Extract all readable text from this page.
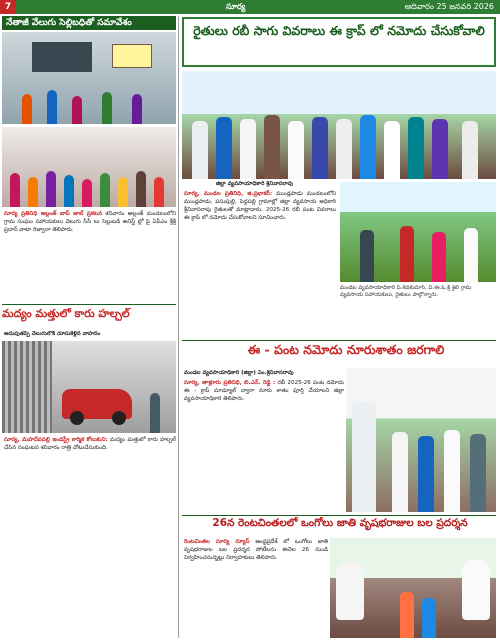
7	సూర్య	ఆదివారం 25 జనవరి 2026
నేతాజీ వేలుగు సెల్లిబధితో సమావేశం
సూర్య ప్రతినిధి అల్లంత్ బాప్ జాబ్ ప్రకటన శనివారం అల్లంత్ మండలంలోని గ్రామ సంఘం సహాయకులు వెలుగు సీసీ లు సెల్లుబడి అనిస్ట్ ల్లో పై ఏపీఎం శ్రీశ్రీ ప్రదాన్ వాటా రిజ్వానా తెలిపారు.
మద్యం మత్తులో కారు హల్చల్
అదుపుతప్పి వెలుగులోకి దూసుకెళ్లిన వాహనం
సూర్య, మహదేవపల్లి ఇండస్ట్రీ కార్మిక కోలుకుని: మద్యం మత్తులో కారు హల్చల్ చేసిన సంఘటన శనివారం రాత్రి చోటుచేసుకుంది.
రైతులు రబీ సాగు వివరాలు ఈ క్రాప్ లో నమోదు చేసుకోవాలి
జిల్లా వ్యవసాయాధికారి శ్రీనివాసరావు
సూర్య, మండల ప్రతినిధి, జి.ప్రభాకర్‌: ముండ్లపాడు మండలంలోని ముండ్లపాడు, పసుపుల్లి, పెద్దపల్లి గ్రామాల్లో జిల్లా వ్యవసాయ అధికారి శ్రీనివాసరావు రైతులతో మాట్లాడారు. 2025-26 రబీ పంట వివరాలు ఈ క్రాప్ లో నమోదు చేసుకోవాలని సూచించారు.
మండల వ్యవసాయాధికారి పి.శివకుమార్, వి.ఈ.ఓ.శ్రీ శైల్ గ్రామ వ్యవసాయ సహాయకులు, రైతులు పాల్గొన్నారు.
ఈ - పంట నమోదు నూరుశాతం జరగాలి
మండల వ్యవసాయాధికారి (జిల్లా) ఏం.శ్రీనివాసరావు
సూర్య, తాళ్లూరు ప్రతినిధి, బి.ఎన్. రెడ్డి : రబీ 2025-26 పంట నమోదు ఈ - క్రాప్ మాడ్యూల్ ద్వారా నూరు శాతం పూర్తి చేయాలని జిల్లా వ్యవసాయాధికారి తెలిపారు.
26న రెంటచింతలలో ఒంగోలు జాతి వృషభరాజుల బల ప్రదర్శన
రెంటచింతల సూర్య న్యూస్ ఆంధ్రప్రదేశ్ లో ఒంగోలు జాతి వృషభరాజుల బల ప్రదర్శన పోటీలను ఈనెల 26 నుండి నిర్వహించనున్నట్లు నిర్వాహకులు తెలిపారు.
